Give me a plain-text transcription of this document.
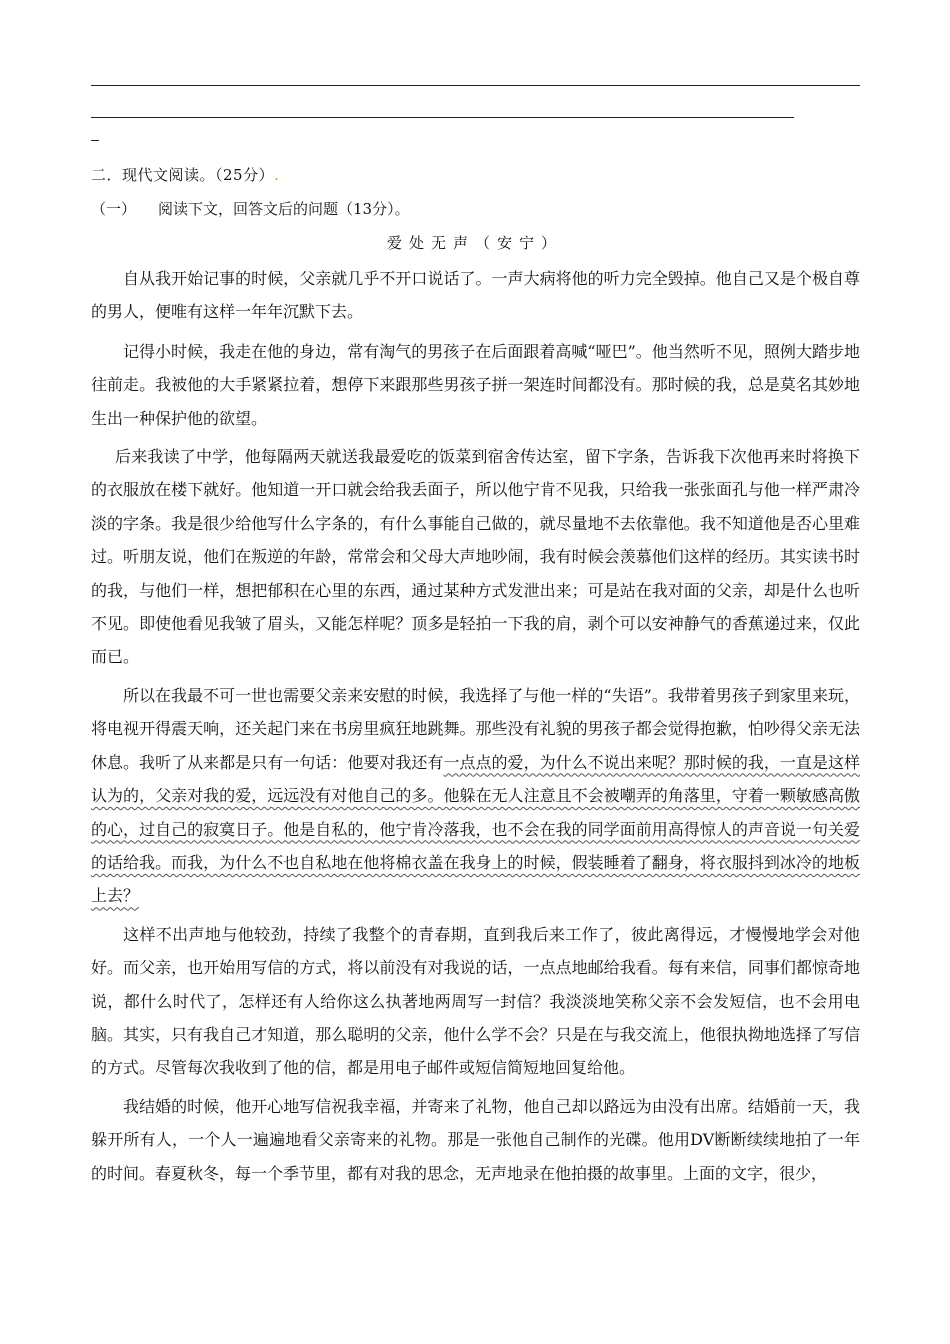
二．现代文阅读。（25分）.
（一） 阅读下文，回答文后的问题（13分）。
爱处无声（安宁）

自从我开始记事的时候，父亲就几乎不开口说话了。一声大病将他的听力完全毁掉。他自己又是个极自尊的男人，便唯有这样一年年沉默下去。

记得小时候，我走在他的身边，常有淘气的男孩子在后面跟着高喊“哑巴”。他当然听不见，照例大踏步地往前走。我被他的大手紧紧拉着，想停下来跟那些男孩子拼一架连时间都没有。那时候的我，总是莫名其妙地生出一种保护他的欲望。

后来我读了中学，他每隔两天就送我最爱吃的饭菜到宿舍传达室，留下字条，告诉我下次他再来时将换下的衣服放在楼下就好。他知道一开口就会给我丢面子，所以他宁肯不见我，只给我一张张面孔与他一样严肃冷淡的字条。我是很少给他写什么字条的，有什么事能自己做的，就尽量地不去依靠他。我不知道他是否心里难过。听朋友说，他们在叛逆的年龄，常常会和父母大声地吵闹，我有时候会羡慕他们这样的经历。其实读书时的我，与他们一样，想把郁积在心里的东西，通过某种方式发泄出来；可是站在我对面的父亲，却是什么也听不见。即使他看见我皱了眉头，又能怎样呢？顶多是轻拍一下我的肩，剥个可以安神静气的香蕉递过来，仅此而已。

所以在我最不可一世也需要父亲来安慰的时候，我选择了与他一样的“失语”。我带着男孩子到家里来玩，将电视开得震天响，还关起门来在书房里疯狂地跳舞。那些没有礼貌的男孩子都会觉得抱歉，怕吵得父亲无法休息。我听了从来都是只有一句话：他要对我还有一点点的爱，为什么不说出来呢？那时候的我，一直是这样认为的，父亲对我的爱，远远没有对他自己的多。他躲在无人注意且不会被嘲弄的角落里，守着一颗敏感高傲的心，过自己的寂寞日子。他是自私的，他宁肯冷落我，也不会在我的同学面前用高得惊人的声音说一句关爱的话给我。而我，为什么不也自私地在他将棉衣盖在我身上的时候，假装睡着了翻身，将衣服抖到冰冷的地板上去？

这样不出声地与他较劲，持续了我整个的青春期，直到我后来工作了，彼此离得远，才慢慢地学会对他好。而父亲，也开始用写信的方式，将以前没有对我说的话，一点点地邮给我看。每有来信，同事们都惊奇地说，都什么时代了，怎样还有人给你这么执著地两周写一封信？我淡淡地笑称父亲不会发短信，也不会用电脑。其实，只有我自己才知道，那么聪明的父亲，他什么学不会？只是在与我交流上，他很执拗地选择了写信的方式。尽管每次我收到了他的信，都是用电子邮件或短信简短地回复给他。

我结婚的时候，他开心地写信祝我幸福，并寄来了礼物，他自己却以路远为由没有出席。结婚前一天，我躲开所有人，一个人一遍遍地看父亲寄来的礼物。那是一张他自己制作的光碟。他用DV断断续续地拍了一年的时间。春夏秋冬，每一个季节里，都有对我的思念，无声地录在他拍摄的故事里。上面的文字，很少，
